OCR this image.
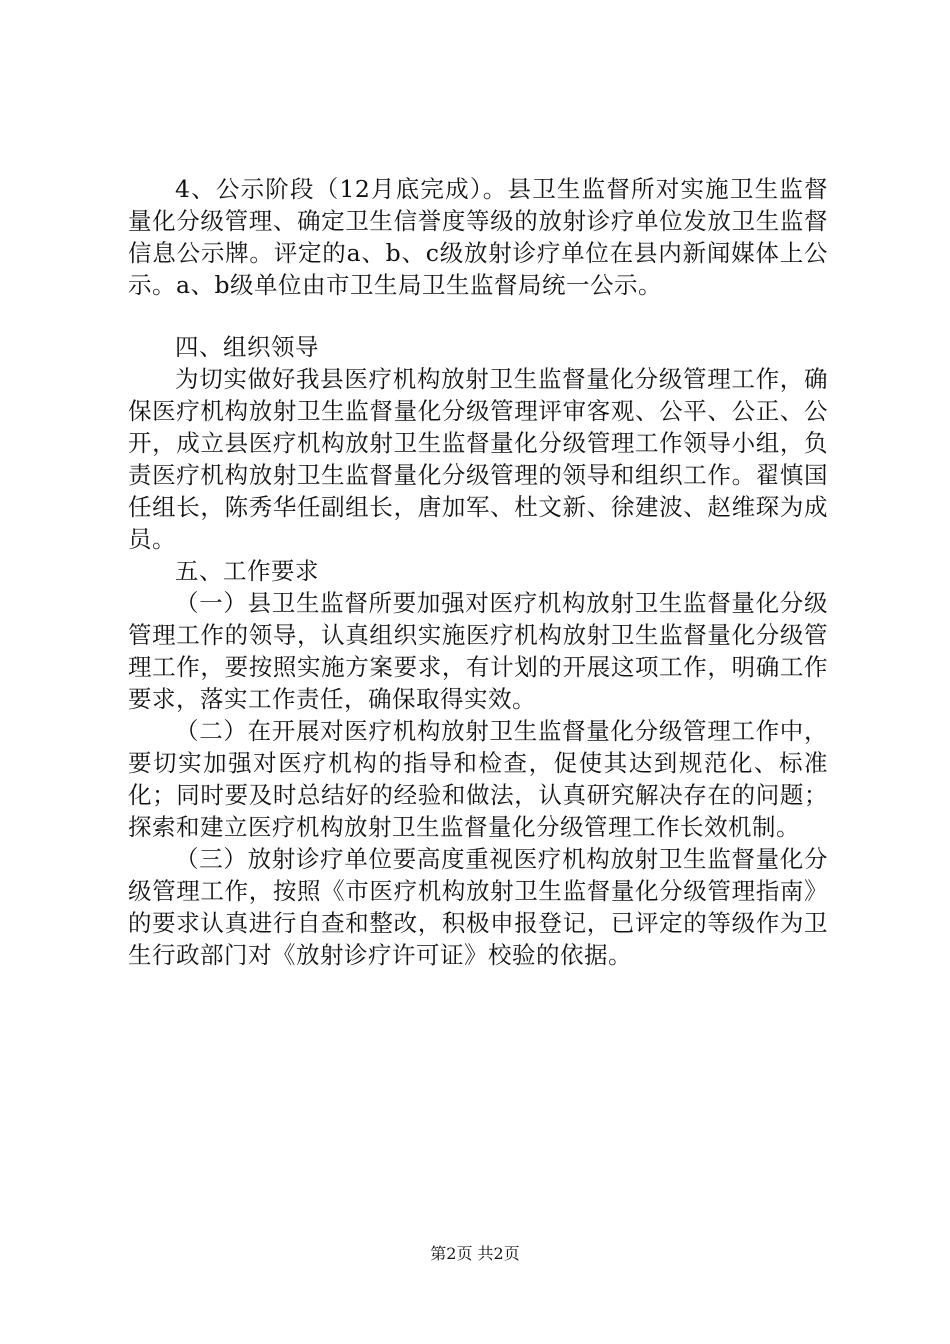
4、公示阶段（12月底完成）。县卫生监督所对实施卫生监督量化分级管理、确定卫生信誉度等级的放射诊疗单位发放卫生监督信息公示牌。评定的a、b、c级放射诊疗单位在县内新闻媒体上公示。a、b级单位由市卫生局卫生监督局统一公示。

四、组织领导

为切实做好我县医疗机构放射卫生监督量化分级管理工作，确保医疗机构放射卫生监督量化分级管理评审客观、公平、公正、公开，成立县医疗机构放射卫生监督量化分级管理工作领导小组，负责医疗机构放射卫生监督量化分级管理的领导和组织工作。翟慎国任组长，陈秀华任副组长，唐加军、杜文新、徐建波、赵维琛为成员。

五、工作要求

（一）县卫生监督所要加强对医疗机构放射卫生监督量化分级管理工作的领导，认真组织实施医疗机构放射卫生监督量化分级管理工作，要按照实施方案要求，有计划的开展这项工作，明确工作要求，落实工作责任，确保取得实效。

（二）在开展对医疗机构放射卫生监督量化分级管理工作中，要切实加强对医疗机构的指导和检查，促使其达到规范化、标准化；同时要及时总结好的经验和做法，认真研究解决存在的问题；探索和建立医疗机构放射卫生监督量化分级管理工作长效机制。

（三）放射诊疗单位要高度重视医疗机构放射卫生监督量化分级管理工作，按照《市医疗机构放射卫生监督量化分级管理指南》的要求认真进行自查和整改，积极申报登记，已评定的等级作为卫生行政部门对《放射诊疗许可证》校验的依据。

第2页 共2页
